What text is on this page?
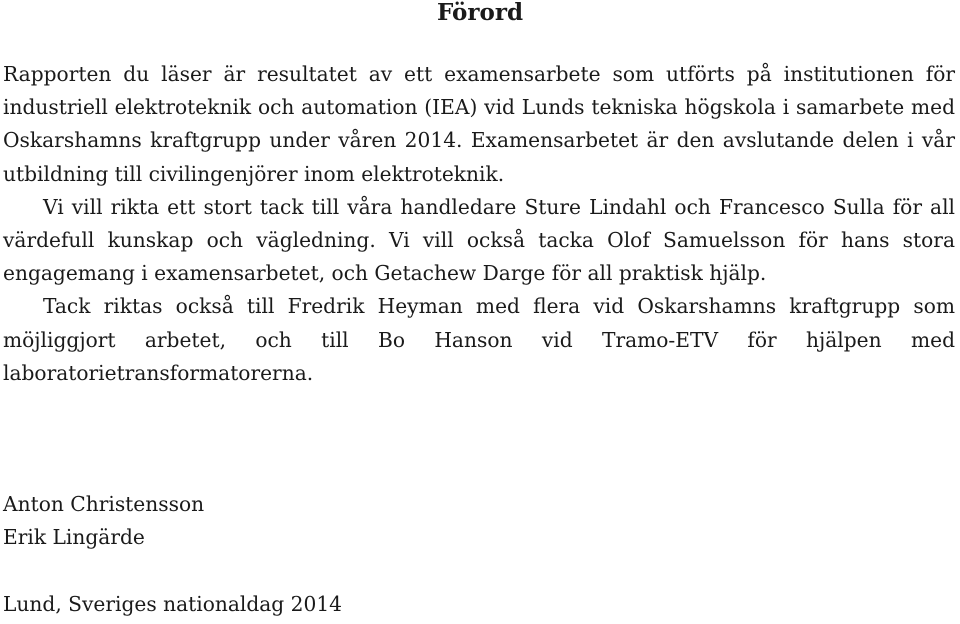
Förord

Rapporten du läser är resultatet av ett examensarbete som utförts på institutionen för industriell elektroteknik och automation (IEA) vid Lunds tekniska högskola i samarbete med Oskarshamns kraftgrupp under våren 2014. Examensarbetet är den avslutande delen i vår utbildning till civilingenjörer inom elektroteknik.

Vi vill rikta ett stort tack till våra handledare Sture Lindahl och Francesco Sulla för all värdefull kunskap och vägledning. Vi vill också tacka Olof Samuelsson för hans stora engagemang i examensarbetet, och Getachew Darge för all praktisk hjälp.

Tack riktas också till Fredrik Heyman med flera vid Oskarshamns kraftgrupp som möjliggjort arbetet, och till Bo Hanson vid Tramo-ETV för hjälpen med laboratorietransformatorerna.

Anton Christensson

Erik Lingärde

Lund, Sveriges nationaldag 2014
